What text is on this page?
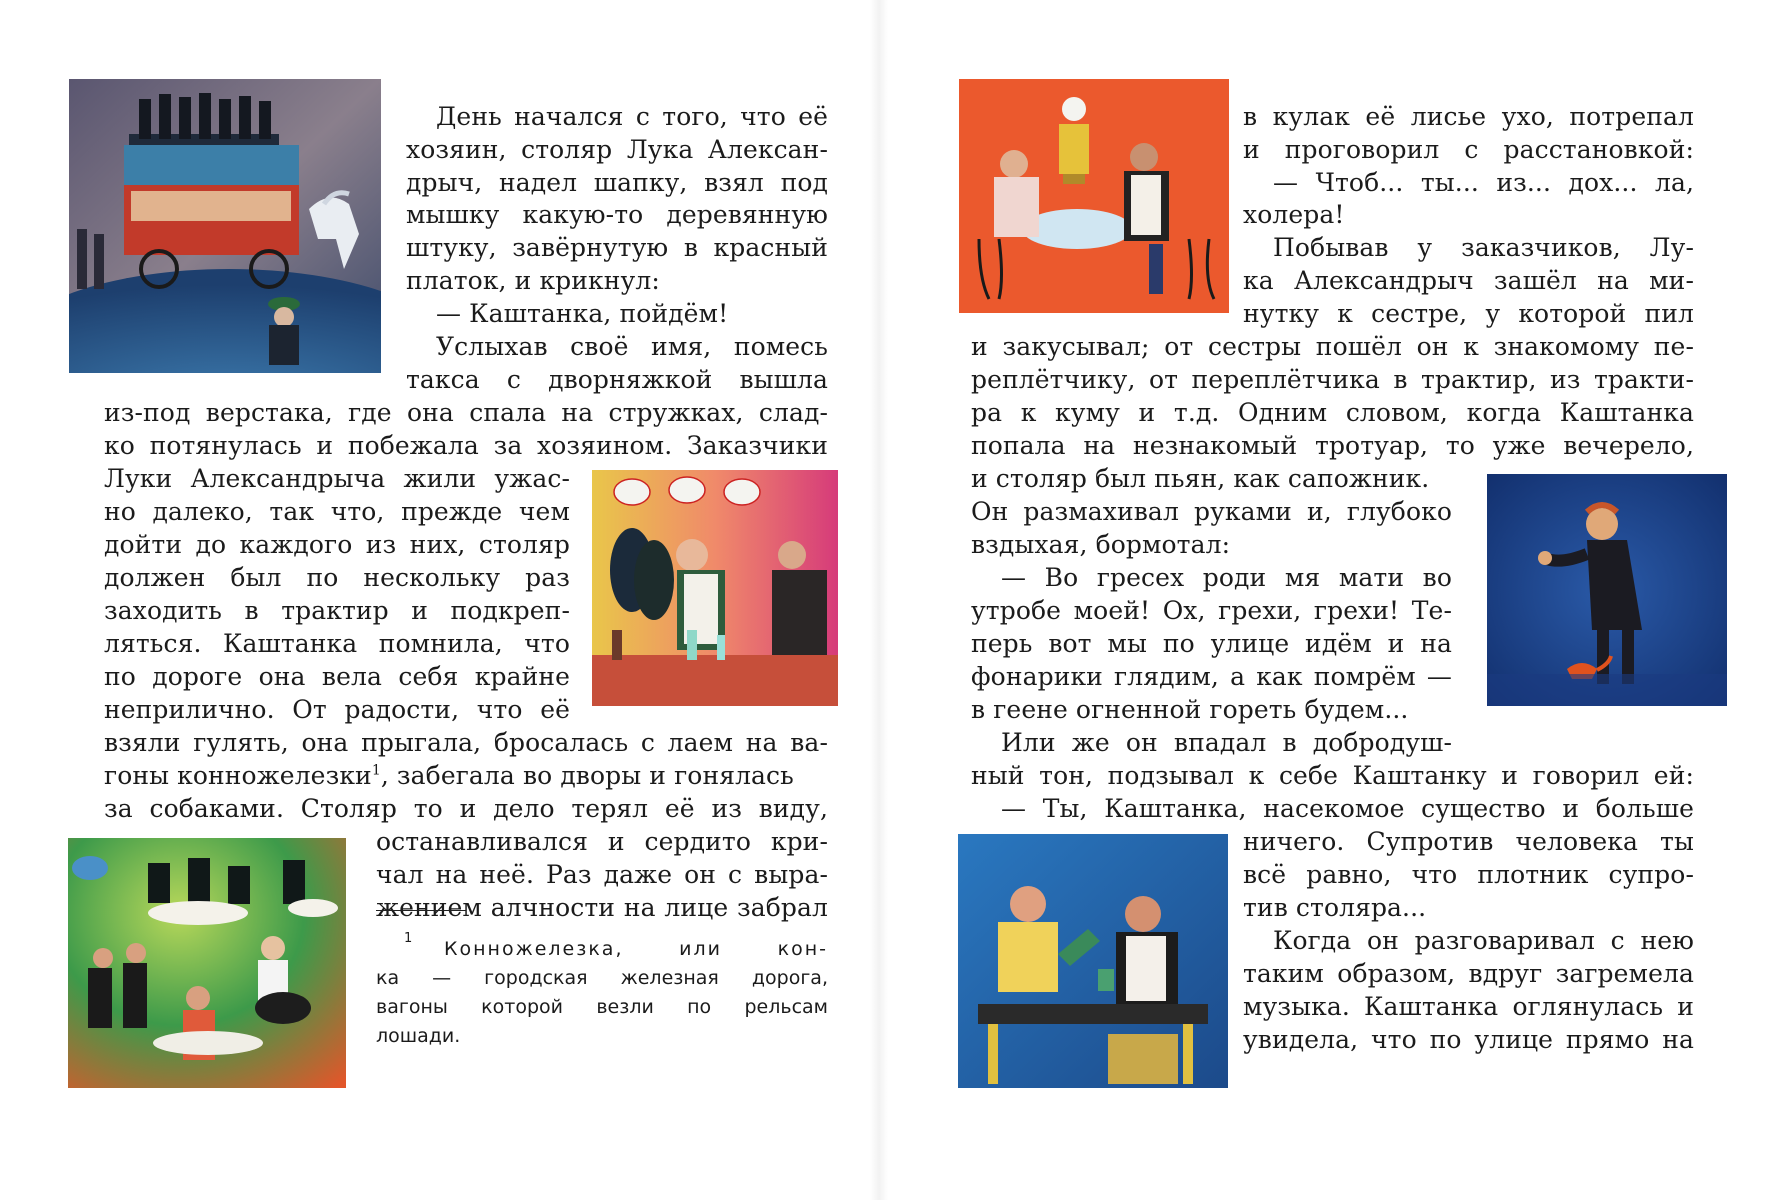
День начался с того, что её
хозяин, столяр Лука Алексан-
дрыч, надел шапку, взял под
мышку какую-то деревянную
штуку, завёрнутую в красный
платок, и крикнул:
— Каштанка, пойдём!
Услыхав своё имя, помесь
такса с дворняжкой вышла
из-под верстака, где она спала на стружках, слад-
ко потянулась и побежала за хозяином. Заказчики
Луки Александрыча жили ужас-
но далеко, так что, прежде чем
дойти до каждого из них, столяр
должен был по нескольку раз
заходить в трактир и подкреп-
ляться. Каштанка помнила, что
по дороге она вела себя крайне
неприлично. От радости, что её
взяли гулять, она прыгала, бросалась с лаем на ва-
гоны конножелезки$^1$, забегала во дворы и гонялась
за собаками. Столяр то и дело терял её из виду,
останавливался и сердито кри-
чал на неё. Раз даже он с выра-
жением алчности на лице забрал
1 Конножелезка, или кон-
ка — городская железная дорога,
вагоны которой везли по рельсам
лошади.
в кулак её лисье ухо, потрепал
и проговорил с расстановкой:
— Чтоб... ты... из... дох... ла,
холера!
Побывав у заказчиков, Лу-
ка Александрыч зашёл на ми-
нутку к сестре, у которой пил
и закусывал; от сестры пошёл он к знакомому пе-
реплётчику, от переплётчика в трактир, из тракти-
ра к куму и т.д. Одним словом, когда Каштанка
попала на незнакомый тротуар, то уже вечерело,
и столяр был пьян, как сапожник.
Он размахивал руками и, глубоко
вздыхая, бормотал:
— Во гресех роди мя мати во
утробе моей! Ох, грехи, грехи! Те-
перь вот мы по улице идём и на
фонарики глядим, а как помрём —
в геене огненной гореть будем...
Или же он впадал в добродуш-
ный тон, подзывал к себе Каштанку и говорил ей:
— Ты, Каштанка, насекомое существо и больше
ничего. Супротив человека ты
всё равно, что плотник супро-
тив столяра...
Когда он разговаривал с нею
таким образом, вдруг загремела
музыка. Каштанка оглянулась и
увидела, что по улице прямо на
